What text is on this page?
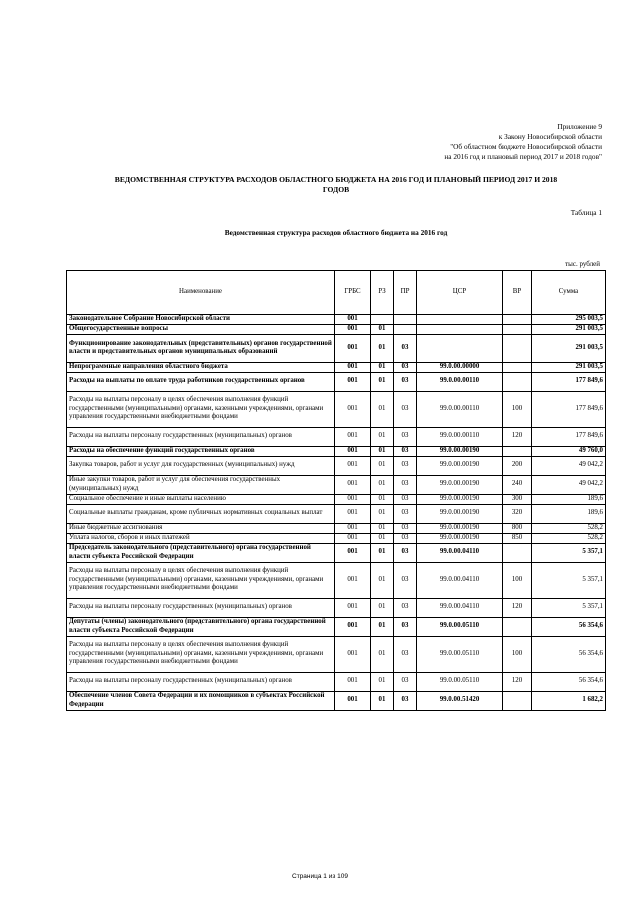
Приложение 9
к Закону Новосибирской области
"Об областном бюджете Новосибирской области
на 2016 год и плановый период 2017 и 2018 годов"
ВЕДОМСТВЕННАЯ СТРУКТУРА РАСХОДОВ ОБЛАСТНОГО БЮДЖЕТА НА 2016 ГОД И ПЛАНОВЫЙ ПЕРИОД 2017 И 2018
ГОДОВ
Таблица 1
Ведомственная структура расходов областного бюджета на 2016 год
тыс. рублей
Наименование	ГРБС	РЗ	ПР	ЦСР	ВР	Сумма
Законодательное Собрание Новосибирской области	001					295 003,5
Общегосударственные вопросы	001	01				291 003,5
Функционирование законодательных (представительных) органов государственной власти и представительных органов муниципальных образований	001	01	03			291 003,5
Непрограммные направления областного бюджета	001	01	03	99.0.00.00000		291 003,5
Расходы на выплаты по оплате труда работников государственных органов	001	01	03	99.0.00.00110		177 849,6
Расходы на выплаты персоналу в целях обеспечения выполнения функций государственными (муниципальными) органами, казенными учреждениями, органами управления государственными внебюджетными фондами	001	01	03	99.0.00.00110	100	177 849,6
Расходы на выплаты персоналу государственных (муниципальных) органов	001	01	03	99.0.00.00110	120	177 849,6
Расходы на обеспечение функций государственных органов	001	01	03	99.0.00.00190		49 760,0
Закупка товаров, работ и услуг для государственных (муниципальных) нужд	001	01	03	99.0.00.00190	200	49 042,2
Иные закупки товаров, работ и услуг для обеспечения государственных (муниципальных) нужд	001	01	03	99.0.00.00190	240	49 042,2
Социальное обеспечение и иные выплаты населению	001	01	03	99.0.00.00190	300	189,6
Социальные выплаты гражданам, кроме публичных нормативных социальных выплат	001	01	03	99.0.00.00190	320	189,6
Иные бюджетные ассигнования	001	01	03	99.0.00.00190	800	528,2
Уплата налогов, сборов и иных платежей	001	01	03	99.0.00.00190	850	528,2
Председатель законодательного (представительного) органа государственной власти субъекта Российской Федерации	001	01	03	99.0.00.04110		5 357,1
Расходы на выплаты персоналу в целях обеспечения выполнения функций государственными (муниципальными) органами, казенными учреждениями, органами управления государственными внебюджетными фондами	001	01	03	99.0.00.04110	100	5 357,1
Расходы на выплаты персоналу государственных (муниципальных) органов	001	01	03	99.0.00.04110	120	5 357,1
Депутаты (члены) законодательного (представительного) органа государственной власти субъекта Российской Федерации	001	01	03	99.0.00.05110		56 354,6
Расходы на выплаты персоналу в целях обеспечения выполнения функций государственными (муниципальными) органами, казенными учреждениями, органами управления государственными внебюджетными фондами	001	01	03	99.0.00.05110	100	56 354,6
Расходы на выплаты персоналу государственных (муниципальных) органов	001	01	03	99.0.00.05110	120	56 354,6
Обеспечение членов Совета Федерации и их помощников в субъектах Российской Федерации	001	01	03	99.0.00.51420		1 682,2
Страница 1 из 109
